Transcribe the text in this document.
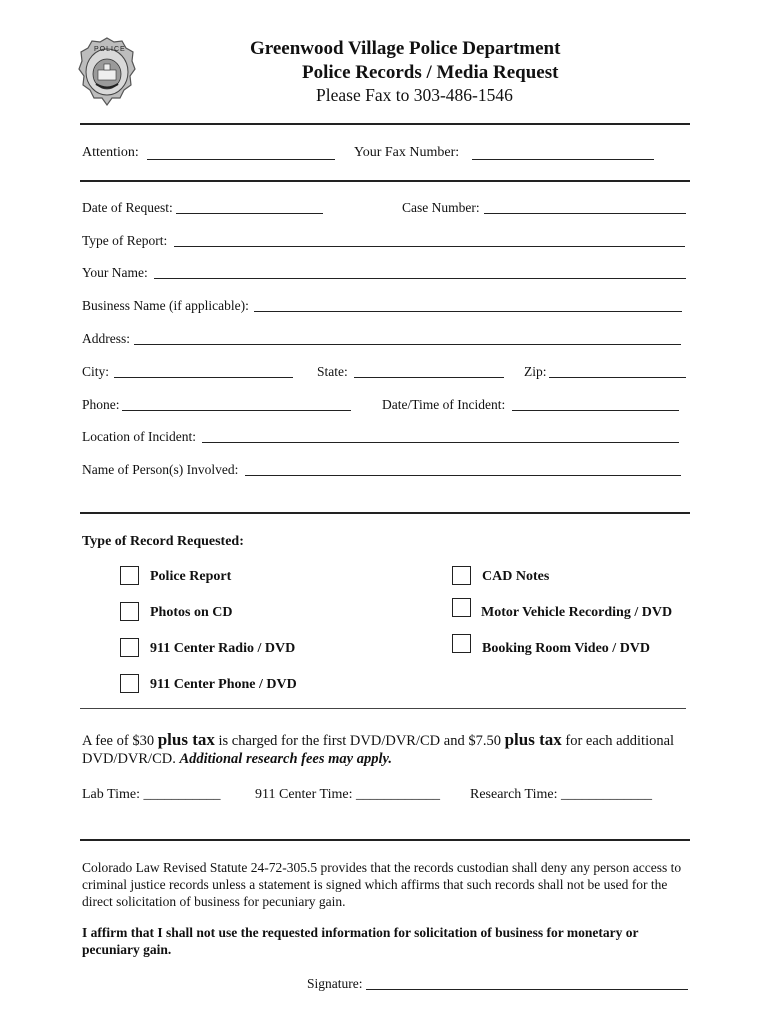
POLICE	Greenwood Village Police Department
Police Records / Media Request
Please Fax to 303-486-1546
Attention:	Your Fax Number:
Date of Request:	Case Number:
Type of Report:
Your Name:
Business Name (if applicable):
Address:
City:	State:	Zip:
Phone:	Date/Time of Incident:
Location of Incident:
Name of Person(s) Involved:
Type of Record Requested:
Police Report	CAD Notes
Photos on CD	Motor Vehicle Recording / DVD
911 Center Radio / DVD	Booking Room Video / DVD
911 Center Phone / DVD
A fee of $30 plus tax is charged for the first DVD/DVR/CD and $7.50 plus tax for each additional DVD/DVR/CD. Additional research fees may apply.
Lab Time: ___________ 911 Center Time: ____________ Research Time: _____________
Colorado Law Revised Statute 24-72-305.5 provides that the records custodian shall deny any person access to criminal justice records unless a statement is signed which affirms that such records shall not be used for the direct solicitation of business for pecuniary gain.
I affirm that I shall not use the requested information for solicitation of business for monetary or pecuniary gain.
Signature:
